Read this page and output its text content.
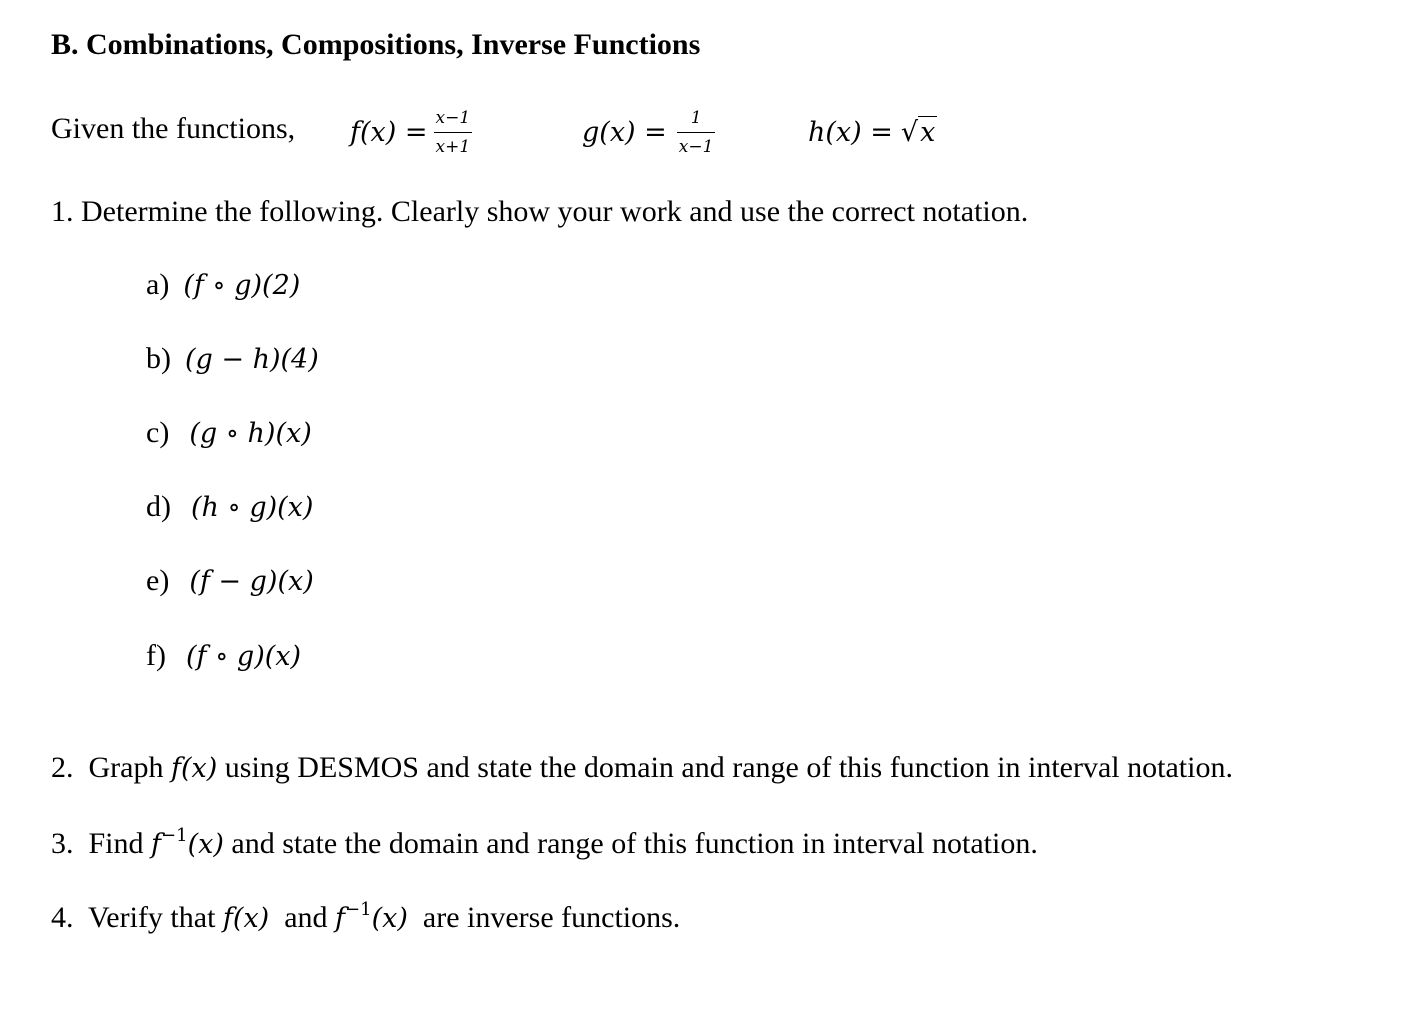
B. Combinations, Compositions, Inverse Functions
Given the functions, $f(x) = \frac{x-1}{x+1}$	$g(x) = \frac{1}{x-1}$	h(x) = √x
1. Determine the following. Clearly show your work and use the correct notation.
a) (f ∘ g)(2)
b) (g − h)(4)
c) (g ∘ h)(x)
d) (h ∘ g)(x)
e) (f − g)(x)
f) (f ∘ g)(x)
2.  Graph f(x) using DESMOS and state the domain and range of this function in interval notation.
3.  Find $f^{-1}(x)$ and state the domain and range of this function in interval notation.
4.  Verify that f(x)  and $f^{-1}(x)$  are inverse functions.
